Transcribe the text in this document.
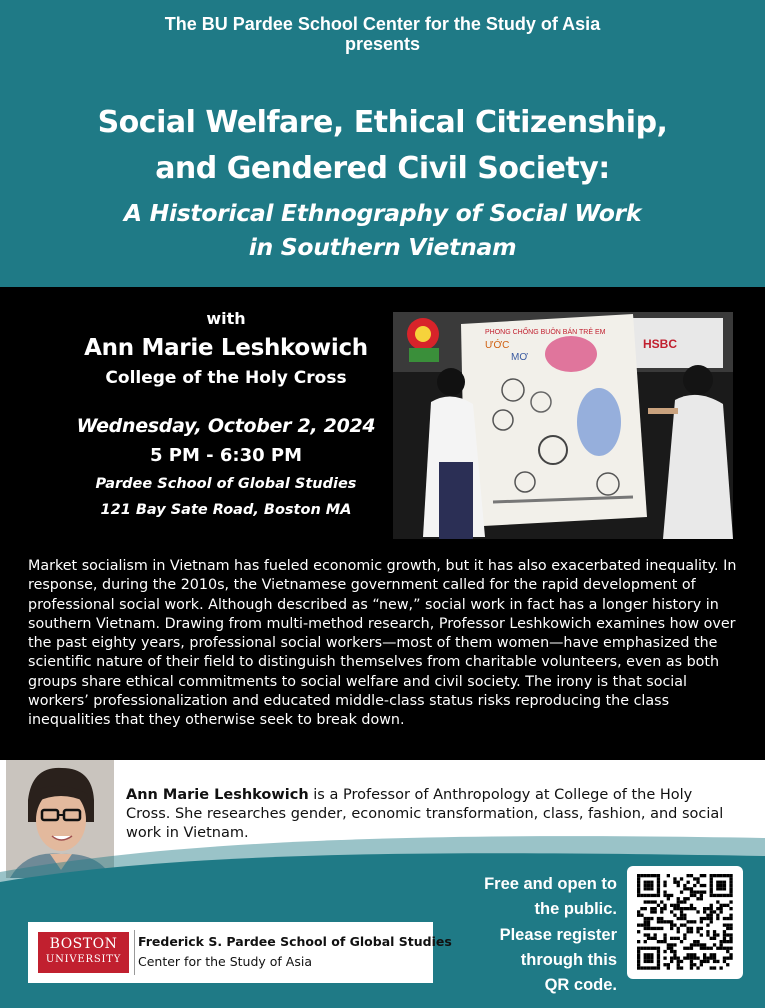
The BU Pardee School Center for the Study of Asia
presents
Social Welfare, Ethical Citizenship,
and Gendered Civil Society:
A Historical Ethnography of Social Work
in Southern Vietnam
with
Ann Marie Leshkowich
College of the Holy Cross
Wednesday, October 2, 2024
5 PM - 6:30 PM
Pardee School of Global Studies
121 Bay Sate Road, Boston MA
HSBC
PHONG CHỐNG BUÔN BÁN TRẺ EM
ƯỚC
MƠ
Market socialism in Vietnam has fueled economic growth, but it has also exacerbated inequality. In response, during the 2010s, the Vietnamese government called for the rapid development of professional social work. Although described as “new,” social work in fact has a longer history in southern Vietnam. Drawing from multi-method research, Professor Leshkowich examines how over the past eighty years, professional social workers—most of them women—have emphasized the scientific nature of their field to distinguish themselves from charitable volunteers, even as both groups share ethical commitments to social welfare and civil society. The irony is that social workers’ professionalization and educated middle-class status risks reproducing the class inequalities that they otherwise seek to break down.
Ann Marie Leshkowich is a Professor of Anthropology at College of the Holy Cross. She researches gender, economic transformation, class, fashion, and social work in Vietnam.
BOSTON
UNIVERSITY
Frederick S. Pardee School of Global Studies
Center for the Study of Asia
Free and open to
the public.
Please register
through this
QR code.
